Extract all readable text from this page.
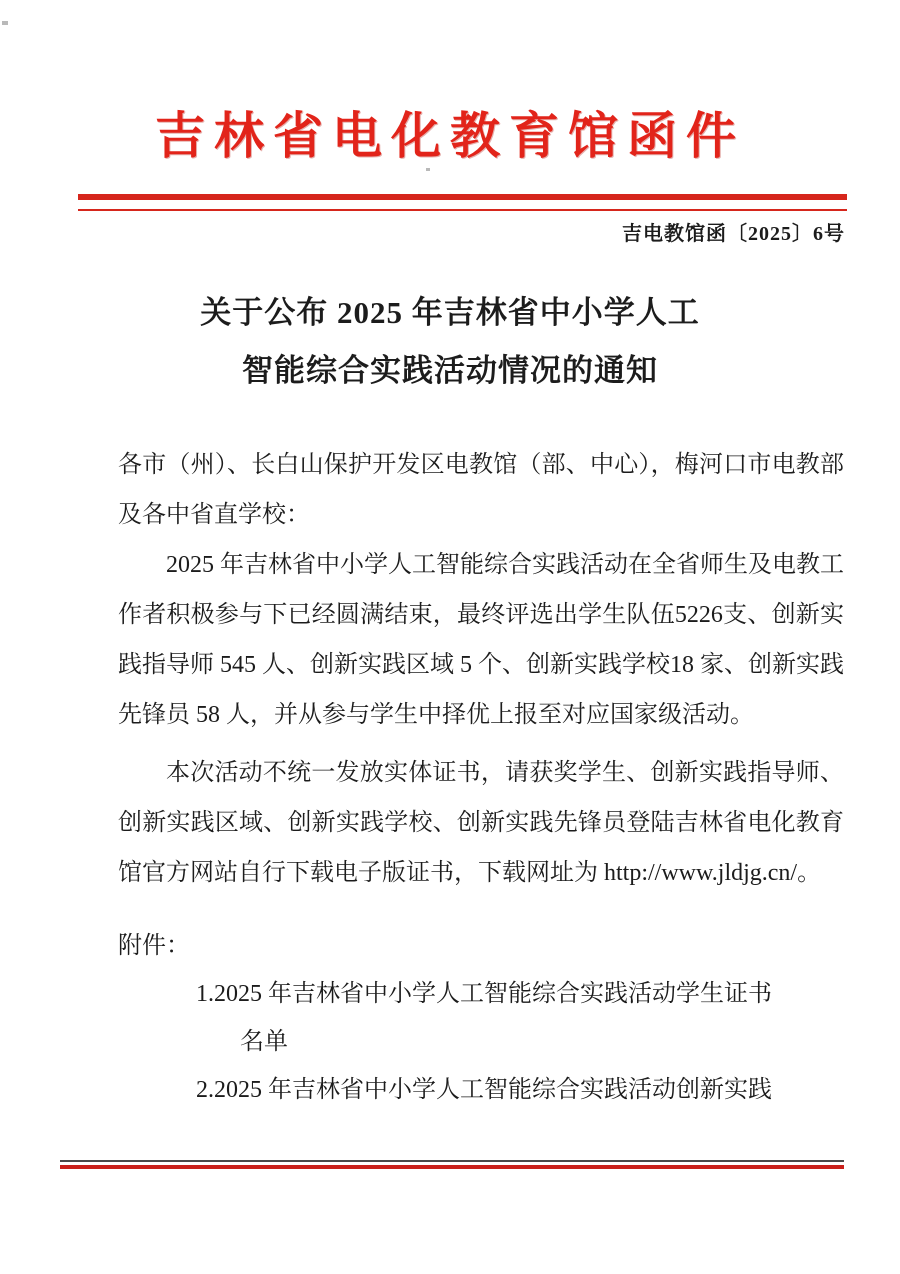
吉林省电化教育馆函件
吉电教馆函〔2025〕6号
关于公布 2025 年吉林省中小学人工
智能综合实践活动情况的通知

各市（州）、长白山保护开发区电教馆（部、中心），梅河口市电教部及各中省直学校：

2025 年吉林省中小学人工智能综合实践活动在全省师生及电教工作者积极参与下已经圆满结束，最终评选出学生队伍5226支、创新实践指导师 545 人、创新实践区域 5 个、创新实践学校18 家、创新实践先锋员 58 人，并从参与学生中择优上报至对应国家级活动。

本次活动不统一发放实体证书，请获奖学生、创新实践指导师、创新实践区域、创新实践学校、创新实践先锋员登陆吉林省电化教育馆官方网站自行下载电子版证书，下载网址为 http://www.jldjg.cn/。

附件：

1.2025 年吉林省中小学人工智能综合实践活动学生证书

名单

2.2025 年吉林省中小学人工智能综合实践活动创新实践
